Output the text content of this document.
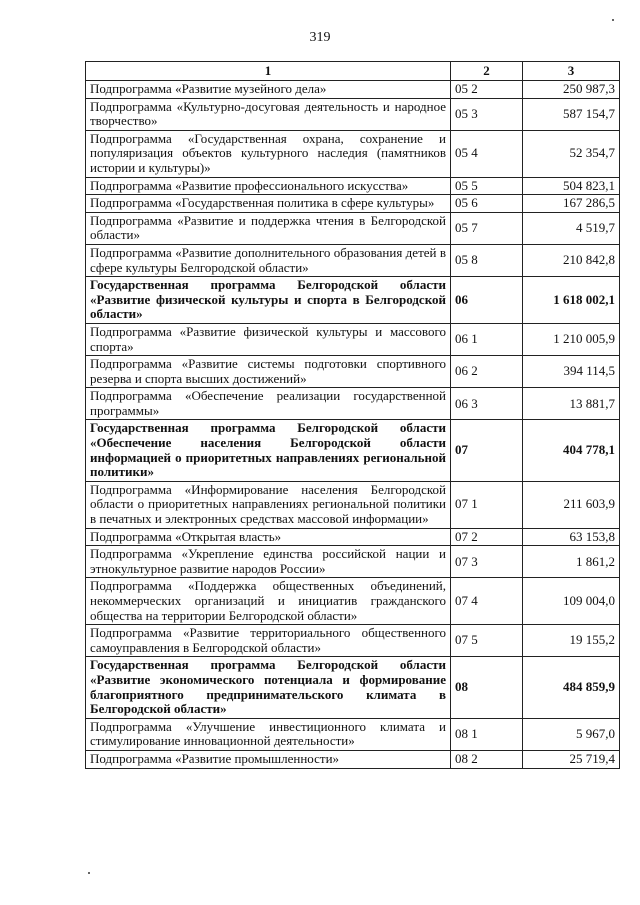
319
1	2	3
Подпрограмма «Развитие музейного дела»	05 2	250 987,3
Подпрограмма «Культурно-досуговая деятельность и народное творчество»	05 3	587 154,7
Подпрограмма «Государственная охрана, сохранение и популяризация объектов культурного наследия (памятников истории и культуры)»	05 4	52 354,7
Подпрограмма «Развитие профессионального искусства»	05 5	504 823,1
Подпрограмма «Государственная политика в сфере культуры»	05 6	167 286,5
Подпрограмма «Развитие и поддержка чтения в Белгородской области»	05 7	4 519,7
Подпрограмма «Развитие дополнительного образования детей в сфере культуры Белгородской области»	05 8	210 842,8
Государственная программа Белгородской области «Развитие физической культуры и спорта в Белгородской области»	06	1 618 002,1
Подпрограмма «Развитие физической культуры и массового спорта»	06 1	1 210 005,9
Подпрограмма «Развитие системы подготовки спортивного резерва и спорта высших достижений»	06 2	394 114,5
Подпрограмма «Обеспечение реализации государственной программы»	06 3	13 881,7
Государственная программа Белгородской области «Обеспечение населения Белгородской области информацией о приоритетных направлениях региональной политики»	07	404 778,1
Подпрограмма «Информирование населения Белгородской области о приоритетных направлениях региональной политики в печатных и электронных средствах массовой информации»	07 1	211 603,9
Подпрограмма «Открытая власть»	07 2	63 153,8
Подпрограмма «Укрепление единства российской нации и этнокультурное развитие народов России»	07 3	1 861,2
Подпрограмма «Поддержка общественных объединений, некоммерческих организаций и инициатив гражданского общества на территории Белгородской области»	07 4	109 004,0
Подпрограмма «Развитие территориального общественного самоуправления в Белгородской области»	07 5	19 155,2
Государственная программа Белгородской области «Развитие экономического потенциала и формирование благоприятного предпринимательского климата в Белгородской области»	08	484 859,9
Подпрограмма «Улучшение инвестиционного климата и стимулирование инновационной деятельности»	08 1	5 967,0
Подпрограмма «Развитие промышленности»	08 2	25 719,4
